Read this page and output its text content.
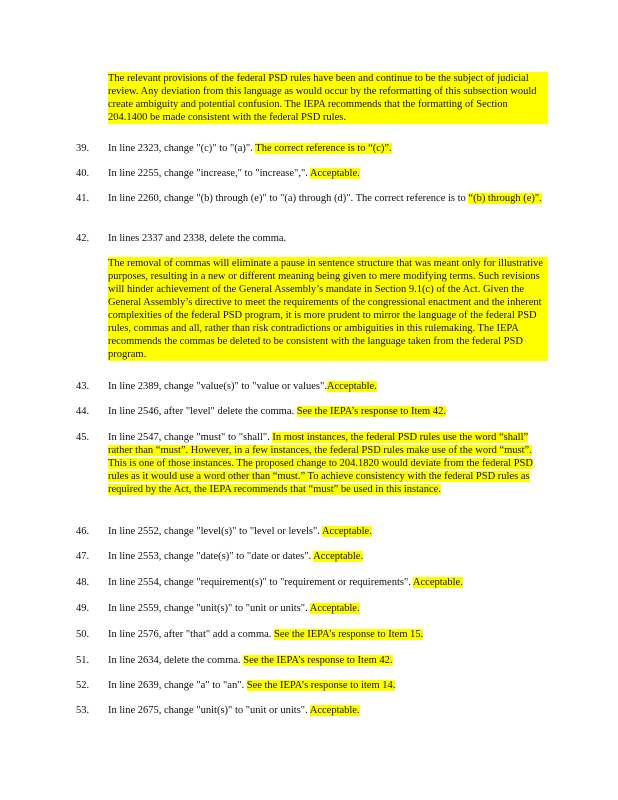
The relevant provisions of the federal PSD rules have been and continue to be the subject of judicial review. Any deviation from this language as would occur by the reformatting of this subsection would create ambiguity and potential confusion. The IEPA recommends that the formatting of Section 204.1400 be made consistent with the federal PSD rules.

39.	In line 2323, change "(c)" to "(a)". The correct reference is to “(c)”.

40.	In line 2255, change "increase," to "increase",". Acceptable.

41.	In line 2260, change "(b) through (e)" to "(a) through (d)". The correct reference is to “(b) through (e)".

42.	In lines 2337 and 2338, delete the comma.

The removal of commas will eliminate a pause in sentence structure that was meant only for illustrative purposes, resulting in a new or different meaning being given to mere modifying terms. Such revisions will hinder achievement of the General Assembly’s mandate in Section 9.1(c) of the Act. Given the General Assembly’s directive to meet the requirements of the congressional enactment and the inherent complexities of the federal PSD program, it is more prudent to mirror the language of the federal PSD rules, commas and all, rather than risk contradictions or ambiguities in this rulemaking. The IEPA recommends the commas be deleted to be consistent with the language taken from the federal PSD program.

43.	In line 2389, change "value(s)" to "value or values".Acceptable.

44.	In line 2546, after "level" delete the comma. See the IEPA’s response to Item 42.

45.	In line 2547, change "must" to "shall". In most instances, the federal PSD rules use the word “shall” rather than “must”. However, in a few instances, the federal PSD rules make use of the word “must”. This is one of those instances. The proposed change to 204.1820 would deviate from the federal PSD rules as it would use a word other than “must.” To achieve consistency with the federal PSD rules as required by the Act, the IEPA recommends that “must” be used in this instance.

46.	In line 2552, change "level(s)" to "level or levels". Acceptable.

47.	In line 2553, change "date(s)" to "date or dates". Acceptable.

48.	In line 2554, change "requirement(s)" to "requirement or requirements". Acceptable.

49.	In line 2559, change "unit(s)" to "unit or units". Acceptable.

50.	In line 2576, after "that" add a comma. See the IEPA’s response to Item 15.

51.	In line 2634, delete the comma. See the IEPA’s response to Item 42.

52.	In line 2639, change "a" to "an". See the IEPA’s response to item 14.

53.	In line 2675, change "unit(s)" to "unit or units". Acceptable.
